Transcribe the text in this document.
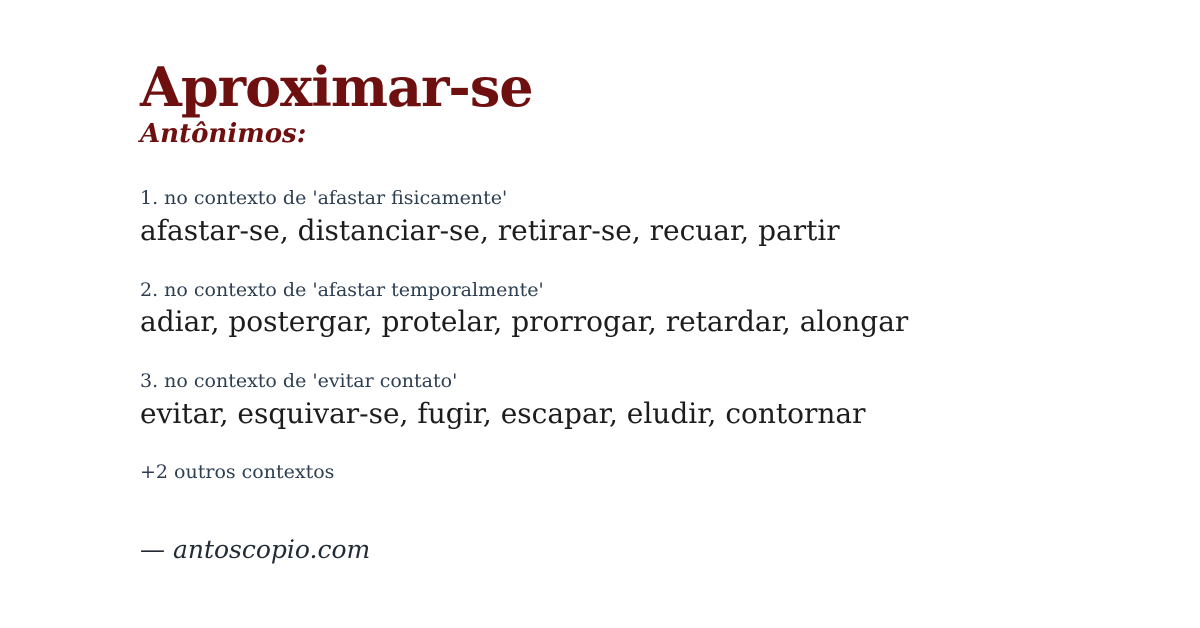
Aproximar-se
Antônimos:

1. no contexto de 'afastar fisicamente'

afastar-se, distanciar-se, retirar-se, recuar, partir

2. no contexto de 'afastar temporalmente'

adiar, postergar, protelar, prorrogar, retardar, alongar

3. no contexto de 'evitar contato'

evitar, esquivar-se, fugir, escapar, eludir, contornar

+2 outros contextos

— antoscopio.com
